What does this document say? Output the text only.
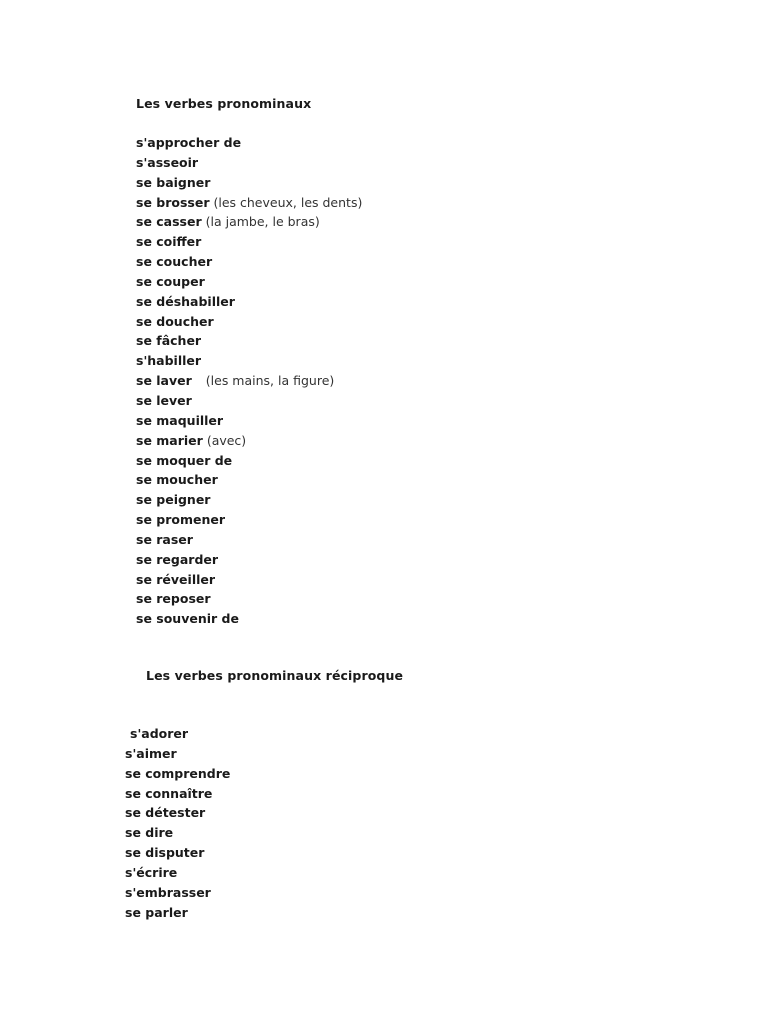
Les verbes pronominaux
s'approcher de
s'asseoir
se baigner
se brosser (les cheveux, les dents)
se casser (la jambe, le bras)
se coiffer
se coucher
se couper
se déshabiller
se doucher
se fâcher
s'habiller
se laver (les mains, la figure)
se lever
se maquiller
se marier (avec)
se moquer de
se moucher
se peigner
se promener
se raser
se regarder
se réveiller
se reposer
se souvenir de
Les verbes pronominaux réciproque
s'adorer
s'aimer
se comprendre
se connaître
se détester
se dire
se disputer
s'écrire
s'embrasser
se parler
